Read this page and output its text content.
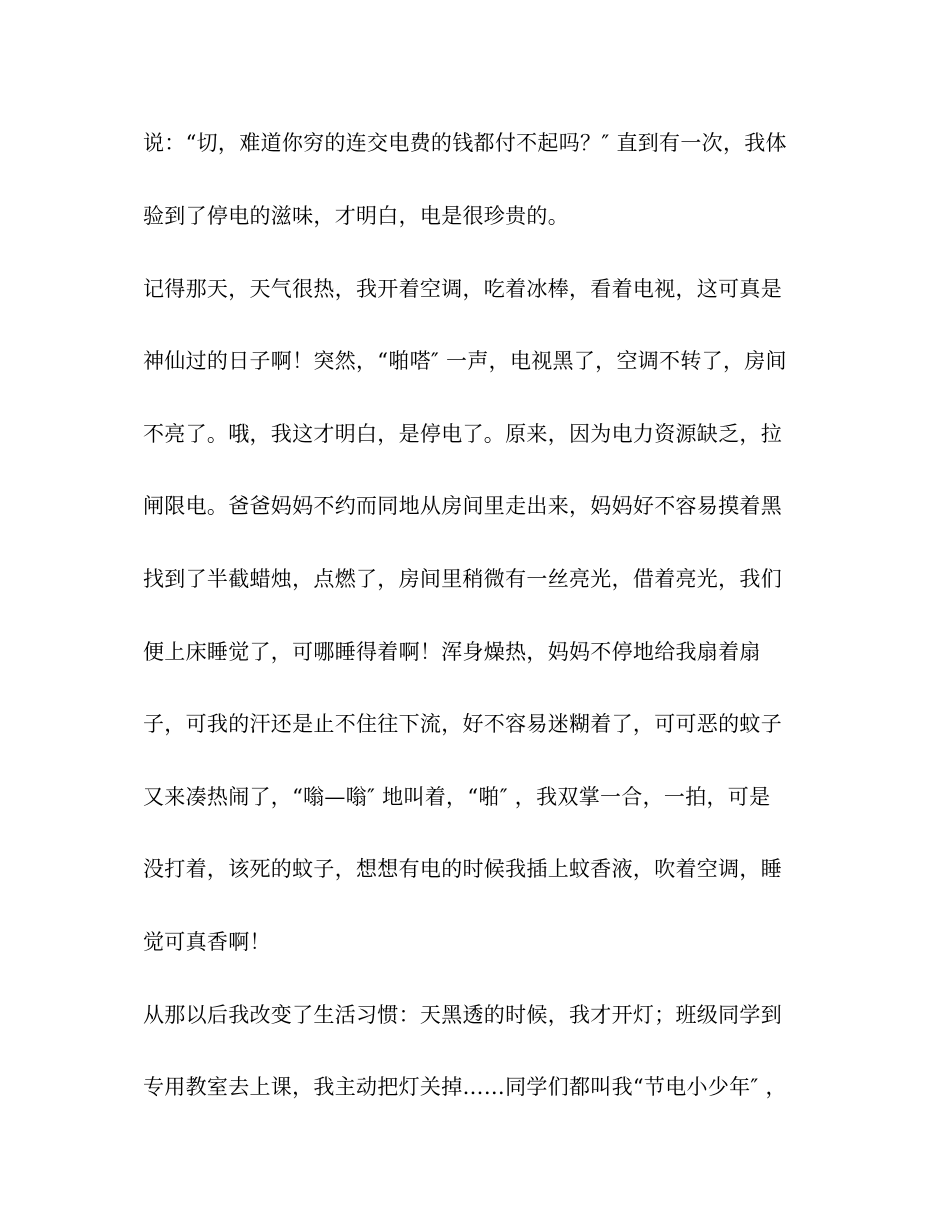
说：“切，难道你穷的连交电费的钱都付不起吗？″ 直到有一次，我体
验到了停电的滋味，才明白，电是很珍贵的。
记得那天，天气很热，我开着空调，吃着冰棒，看着电视，这可真是
神仙过的日子啊！突然，“啪嗒″ 一声，电视黑了，空调不转了，房间
不亮了。哦，我这才明白，是停电了。原来，因为电力资源缺乏，拉
闸限电。爸爸妈妈不约而同地从房间里走出来，妈妈好不容易摸着黑
找到了半截蜡烛，点燃了，房间里稍微有一丝亮光，借着亮光，我们
便上床睡觉了，可哪睡得着啊！浑身燥热，妈妈不停地给我扇着扇
子，可我的汗还是止不住往下流，好不容易迷糊着了，可可恶的蚊子
又来凑热闹了，“嗡—嗡″ 地叫着，“啪″ ，我双掌一合，一拍，可是
没打着，该死的蚊子，想想有电的时候我插上蚊香液，吹着空调，睡
觉可真香啊！
从那以后我改变了生活习惯：天黑透的时候，我才开灯；班级同学到
专用教室去上课，我主动把灯关掉……同学们都叫我“节电小少年″ ，
